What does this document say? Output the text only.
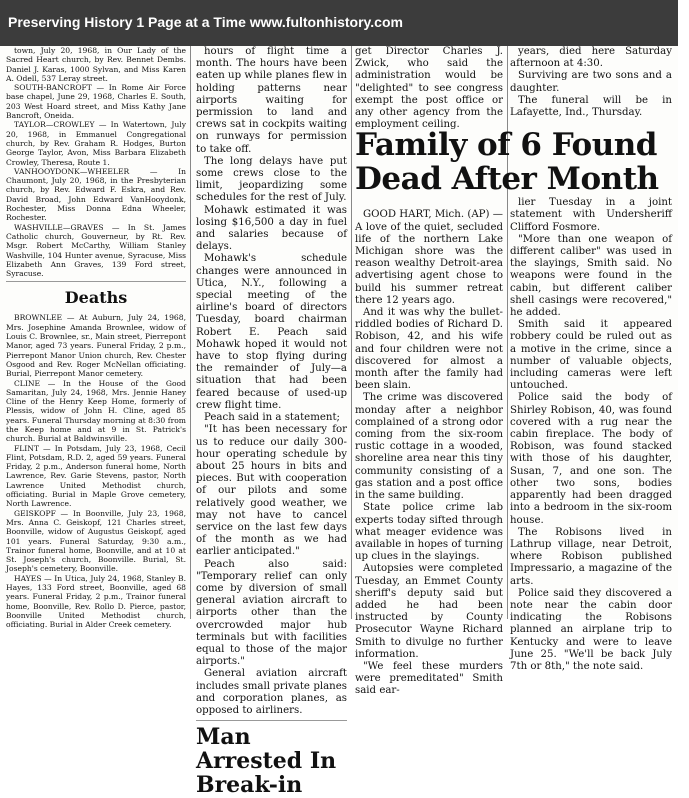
Preserving History 1 Page at a Time www.fultonhistory.com

town, July 20, 1968, in Our Lady of the Sacred Heart church, by Rev. Bennet Dembs. Daniel J. Karas, 1000 Sylvan, and Miss Karen A. Odell, 537 Leray street.

SOUTH-BANCROFT — In Rome Air Force base chapel, June 29, 1968, Charles E. South, 203 West Hoard street, and Miss Kathy Jane Bancroft, Oneida.

TAYLOR—CROWLEY — In Watertown, July 20, 1968, in Emmanuel Congregational church, by Rev. Graham R. Hodges, Burton George Taylor, Avon, Miss Barbara Elizabeth Crowley, Theresa, Route 1.

VANHOOYDONK—WHEELER — In Chaumont, July 20, 1968, in the Presbyterian church, by Rev. Edward F. Eskra, and Rev. David Broad, John Edward VanHooydonk, Rochester, Miss Donna Edna Wheeler, Rochester.

WASHVILLE—GRAVES — In St. James Catholic church, Gouverneur, by Rt. Rev. Msgr. Robert McCarthy, William Stanley Washville, 104 Hunter avenue, Syracuse, Miss Elizabeth Ann Graves, 139 Ford street, Syracuse.

Deaths

BROWNLEE — At Auburn, July 24, 1968, Mrs. Josephine Amanda Brownlee, widow of Louis C. Brownlee, sr., Main street, Pierrepont Manor, aged 73 years. Funeral Friday, 2 p.m., Pierrepont Manor Union church, Rev. Chester Osgood and Rev. Roger McNellan officiating. Burial, Pierrepont Manor cemetery.

CLINE — In the House of the Good Samaritan, July 24, 1968, Mrs. Jennie Haney Cline of the Henry Keep Home, formerly of Plessis, widow of John H. Cline, aged 85 years. Funeral Thursday morning at 8:30 from the Keep home and at 9 in St. Patrick's church. Burial at Baldwinsville.

FLINT — In Potsdam, July 23, 1968, Cecil Flint, Potsdam, R.D. 2, aged 59 years. Funeral Friday, 2 p.m., Anderson funeral home, North Lawrence, Rev. Garie Stevens, pastor, North Lawrence United Methodist church, officiating. Burial in Maple Grove cemetery, North Lawrence.

GEISKOPF — In Boonville, July 23, 1968, Mrs. Anna C. Geiskopf, 121 Charles street, Boonville, widow of Augustus Geiskopf, aged 101 years. Funeral Saturday, 9:30 a.m., Trainor funeral home, Boonville, and at 10 at St. Joseph's church, Boonville. Burial, St. Joseph's cemetery, Boonville.

HAYES — In Utica, July 24, 1968, Stanley B. Hayes, 133 Ford street, Boonville, aged 68 years. Funeral Friday, 2 p.m., Trainor funeral home, Boonville, Rev. Rollo D. Pierce, pastor, Boonville United Methodist church, officiating. Burial in Alder Creek cemetery.

hours of flight time a month. The hours have been eaten up while planes flew in holding patterns near airports waiting for permission to land and crews sat in cockpits waiting on runways for permission to take off.

The long delays have put some crews close to the limit, jeopardizing some schedules for the rest of July.

Mohawk estimated it was losing $16,500 a day in fuel and salaries because of delays.

Mohawk's schedule changes were announced in Utica, N.Y., following a special meeting of the airline's board of directors Tuesday, board chairman Robert E. Peach said Mohawk hoped it would not have to stop flying during the remainder of July—a situation that had been feared because of used-up crew flight time.

Peach said in a statement;

"It has been necessary for us to reduce our daily 300-hour operating schedule by about 25 hours in bits and pieces. But with cooperation of our pilots and some relatively good weather, we may not have to cancel service on the last few days of the month as we had earlier anticipated."

Peach also said: "Temporary relief can only come by diversion of small general aviation aircraft to airports other than the overcrowded major hub terminals but with facilities equal to those of the major airports."

General aviation aircraft includes small private planes and corporation planes, as opposed to airliners.

Man Arrested In Break-in

get Director Charles J. Zwick, who said the administration would be "delighted" to see congress exempt the post office or any other agency from the employment ceiling.

GOOD HART, Mich. (AP) — A love of the quiet, secluded life of the northern Lake Michigan shore was the reason wealthy Detroit-area advertising agent chose to build his summer retreat there 12 years ago.

And it was why the bullet-riddled bodies of Richard D. Robison, 42, and his wife and four children were not discovered for almost a month after the family had been slain.

The crime was discovered monday after a neighbor complained of a strong odor coming from the six-room rustic cottage in a wooded, shoreline area near this tiny community consisting of a gas station and a post office in the same building.

State police crime lab experts today sifted through what meager evidence was available in hopes of turning up clues in the slayings.

Autopsies were completed Tuesday, an Emmet County sheriff's deputy said but added he had been instructed by County Prosecutor Wayne Richard Smith to divulge no further information.

"We feel these murders were premeditated" Smith said ear-

years, died here Saturday afternoon at 4:30.

Surviving are two sons and a daughter.

The funeral will be in Lafayette, Ind., Thursday.

lier Tuesday in a joint statement with Undersheriff Clifford Fosmore.

"More than one weapon of different caliber" was used in the slayings, Smith said. No weapons were found in the cabin, but different caliber shell casings were recovered," he added.

Smith said it appeared robbery could be ruled out as a motive in the crime, since a number of valuable objects, including cameras were left untouched.

Police said the body of Shirley Robison, 40, was found covered with a rug near the cabin fireplace. The body of Robison, was found stacked with those of his daughter, Susan, 7, and one son. The other two sons, bodies apparently had been dragged into a bedroom in the six-room house.

The Robisons lived in Lathrup village, near Detroit, where Robison published Impressario, a magazine of the arts.

Police said they discovered a note near the cabin door indicating the Robisons planned an airplane trip to Kentucky and were to leave June 25. "We'll be back July 7th or 8th," the note said.

Family of 6 Found Dead After Month
